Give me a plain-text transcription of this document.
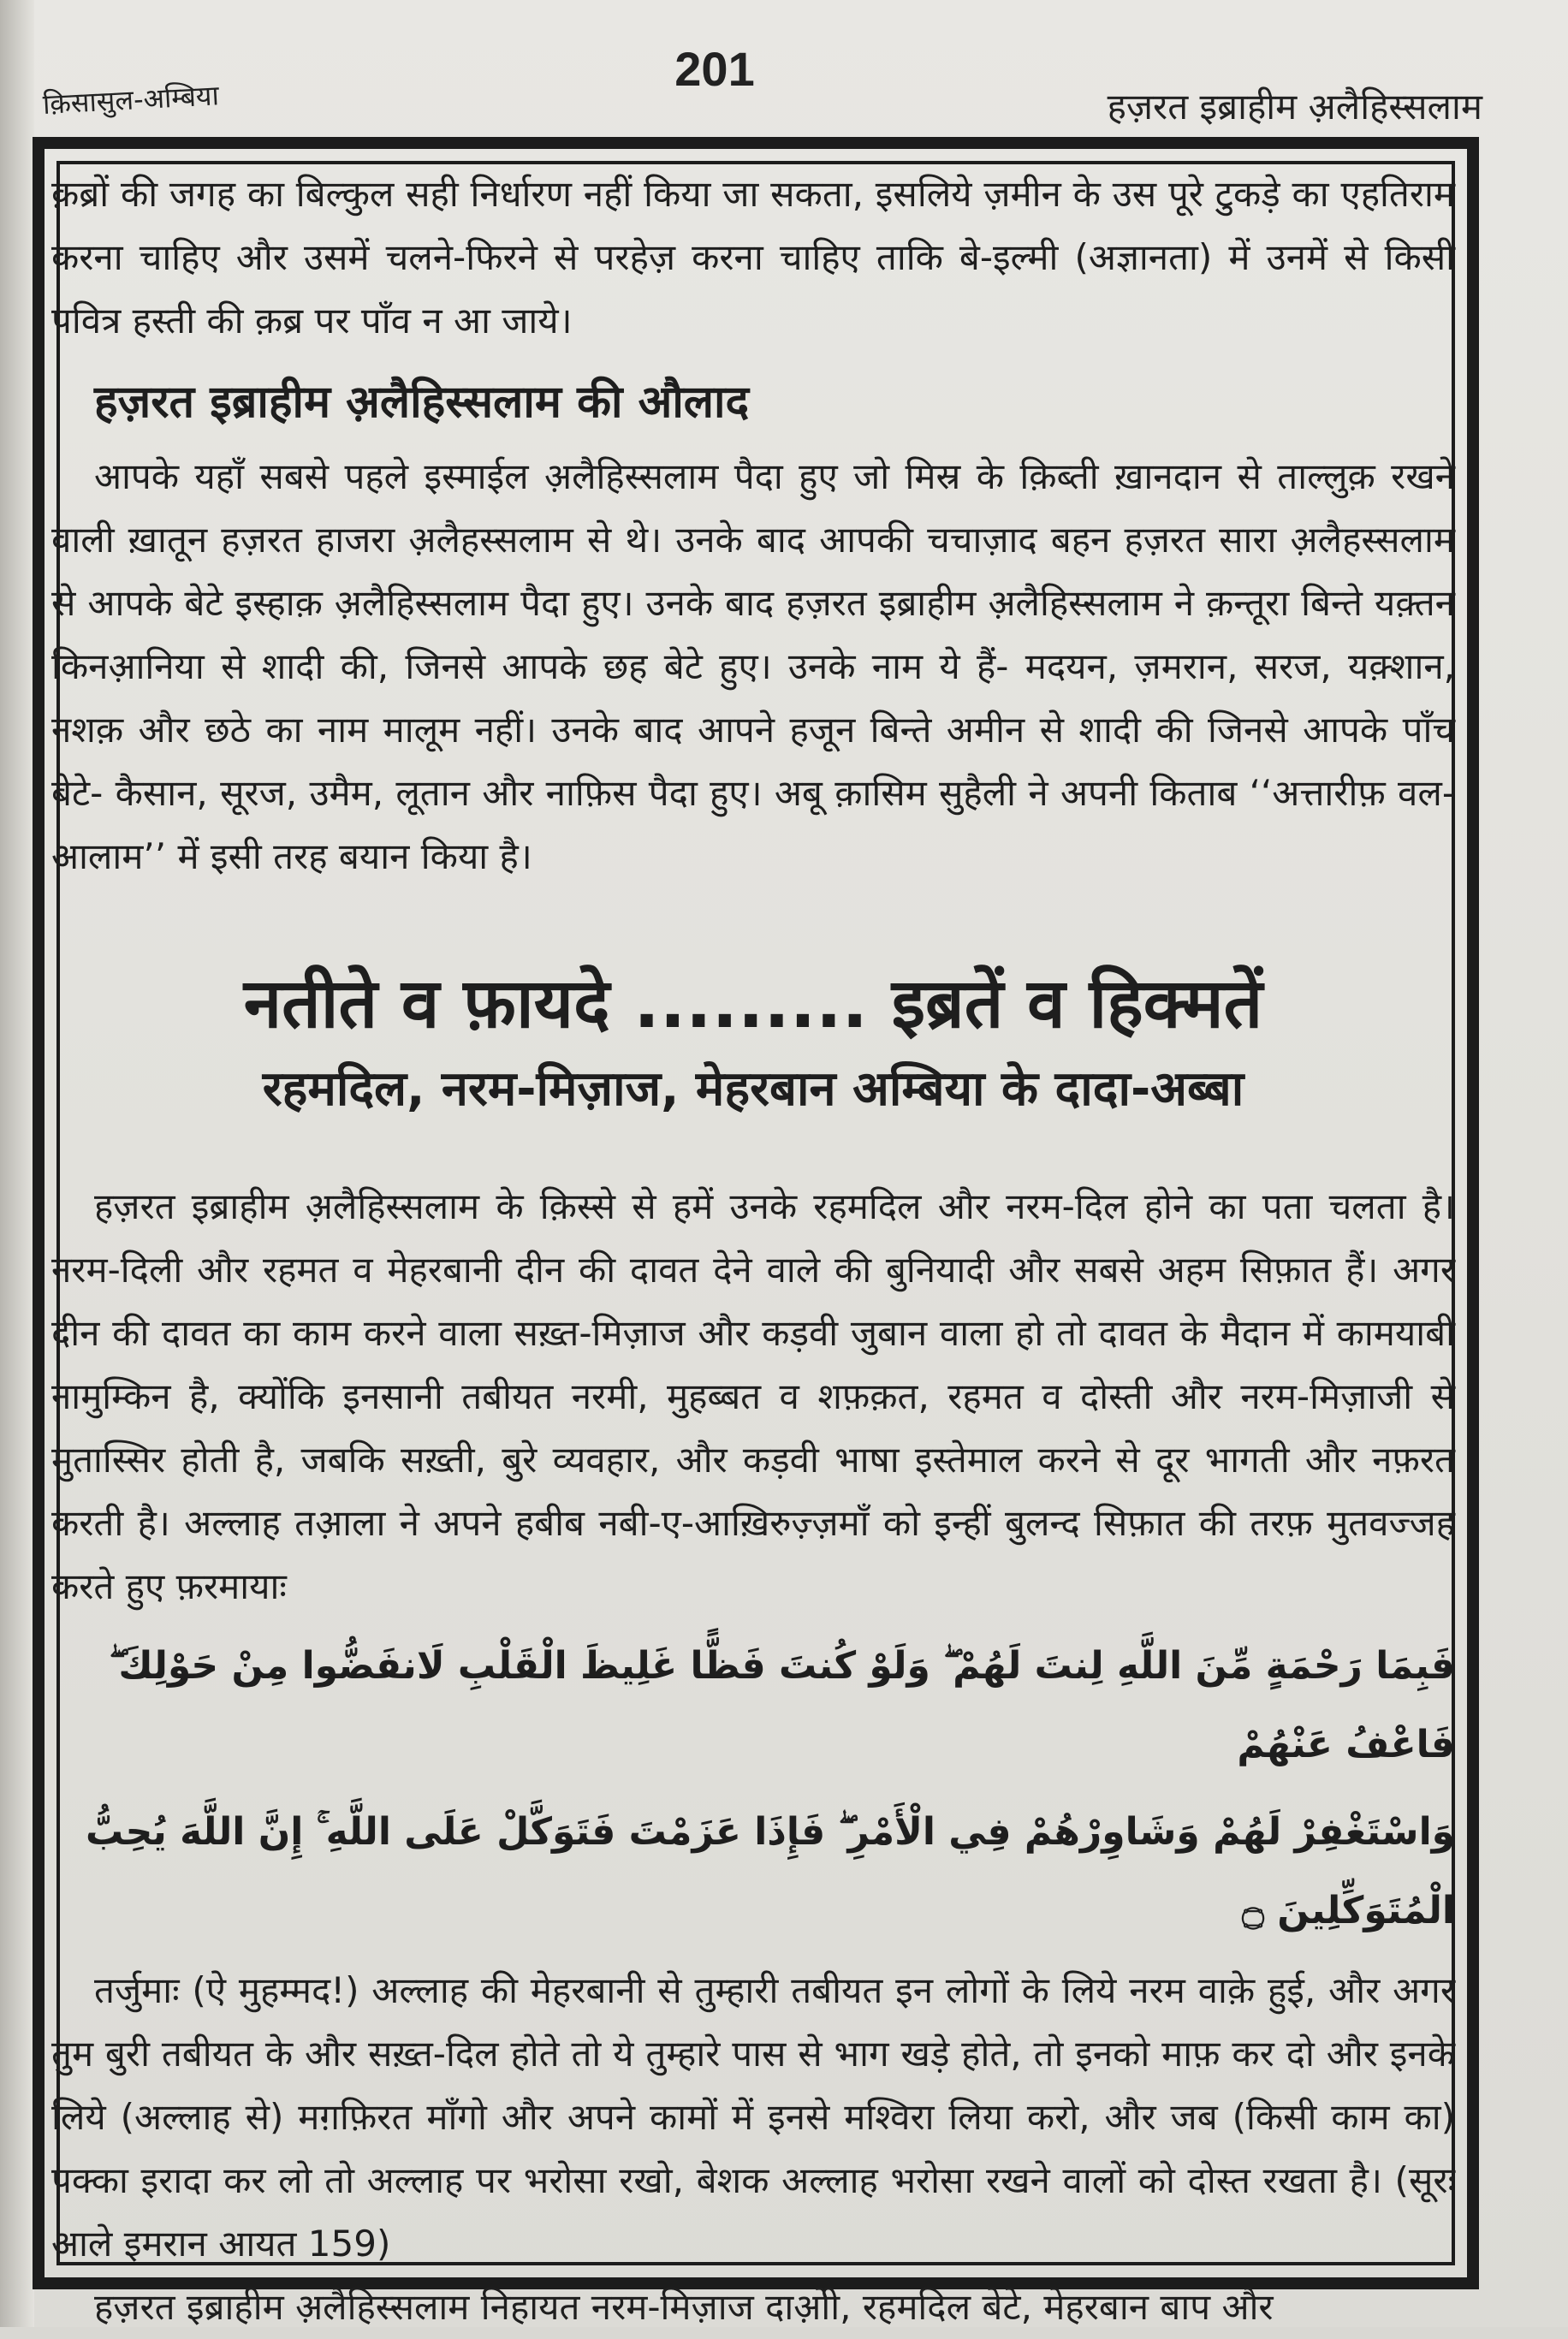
201
क़िसासुल-अम्बिया	हज़रत इब्राहीम अ़लैहिस्सलाम

क़ब्रों की जगह का बिल्कुल सही निर्धारण नहीं किया जा सकता, इसलिये ज़मीन के उस पूरे टुकड़े का एहतिराम करना चाहिए और उसमें चलने-फिरने से परहेज़ करना चाहिए ताकि बे-इल्मी (अज्ञानता) में उनमें से किसी पवित्र हस्ती की क़ब्र पर पाँव न आ जाये।

हज़रत इब्राहीम अ़लैहिस्सलाम की औलाद

आपके यहाँ सबसे पहले इस्माईल अ़लैहिस्सलाम पैदा हुए जो मिस्र के क़िब्ती ख़ानदान से ताल्लुक़ रखने वाली ख़ातून हज़रत हाजरा अ़लैहस्सलाम से थे। उनके बाद आपकी चचाज़ाद बहन हज़रत सारा अ़लैहस्सलाम से आपके बेटे इस्हाक़ अ़लैहिस्सलाम पैदा हुए। उनके बाद हज़रत इब्राहीम अ़लैहिस्सलाम ने क़न्तूरा बिन्ते यक़्तन किनआ़निया से शादी की, जिनसे आपके छह बेटे हुए। उनके नाम ये हैं- मदयन, ज़मरान, सरज, यक़्शान, नशक़ और छठे का नाम मालूम नहीं। उनके बाद आपने हजून बिन्ते अमीन से शादी की जिनसे आपके पाँच बेटे- कैसान, सूरज, उमैम, लूतान और नाफ़िस पैदा हुए। अबू क़ासिम सुहैली ने अपनी किताब ‘‘अत्तारीफ़ वल-आलाम’’ में इसी तरह बयान किया है।

नतीते व फ़ायदे ......... इब्रतें व हिक्मतें
रहमदिल, नरम-मिज़ाज, मेहरबान अम्बिया के दादा-अब्बा

हज़रत इब्राहीम अ़लैहिस्सलाम के क़िस्से से हमें उनके रहमदिल और नरम-दिल होने का पता चलता है। नरम-दिली और रहमत व मेहरबानी दीन की दावत देने वाले की बुनियादी और सबसे अहम सिफ़ात हैं। अगर दीन की दावत का काम करने वाला सख़्त-मिज़ाज और कड़वी जुबान वाला हो तो दावत के मैदान में कामयाबी नामुम्किन है, क्योंकि इनसानी तबीयत नरमी, मुहब्बत व शफ़क़त, रहमत व दोस्ती और नरम-मिज़ाजी से मुतास्सिर होती है, जबकि सख़्ती, बुरे व्यवहार, और कड़वी भाषा इस्तेमाल करने से दूर भागती और नफ़रत करती है। अल्लाह तआ़ला ने अपने हबीब नबी-ए-आख़िरुज़्ज़माँ को इन्हीं बुलन्द सिफ़ात की तरफ़ मुतवज्जह करते हुए फ़रमायाः

فَبِمَا رَحْمَةٍ مِّنَ اللَّهِ لِنتَ لَهُمْ ۖ وَلَوْ كُنتَ فَظًّا غَلِيظَ الْقَلْبِ لَانفَضُّوا مِنْ حَوْلِكَ ۖ فَاعْفُ عَنْهُمْ
وَاسْتَغْفِرْ لَهُمْ وَشَاوِرْهُمْ فِي الْأَمْرِ ۖ فَإِذَا عَزَمْتَ فَتَوَكَّلْ عَلَى اللَّهِ ۚ إِنَّ اللَّهَ يُحِبُّ الْمُتَوَكِّلِينَ ۝

तर्जुमाः (ऐ मुहम्मद!) अल्लाह की मेहरबानी से तुम्हारी तबीयत इन लोगों के लिये नरम वाक़े हुई, और अगर तुम बुरी तबीयत के और सख़्त-दिल होते तो ये तुम्हारे पास से भाग खड़े होते, तो इनको माफ़ कर दो और इनके लिये (अल्लाह से) मग़फ़िरत माँगो और अपने कामों में इनसे मश्विरा लिया करो, और जब (किसी काम का) पक्का इरादा कर लो तो अल्लाह पर भरोसा रखो, बेशक अल्लाह भरोसा रखने वालों को दोस्त रखता है। (सूरः आले इमरान आयत 159)

हज़रत इब्राहीम अ़लैहिस्सलाम निहायत नरम-मिज़ाज दाओ़ी, रहमदिल बेटे, मेहरबान बाप और
